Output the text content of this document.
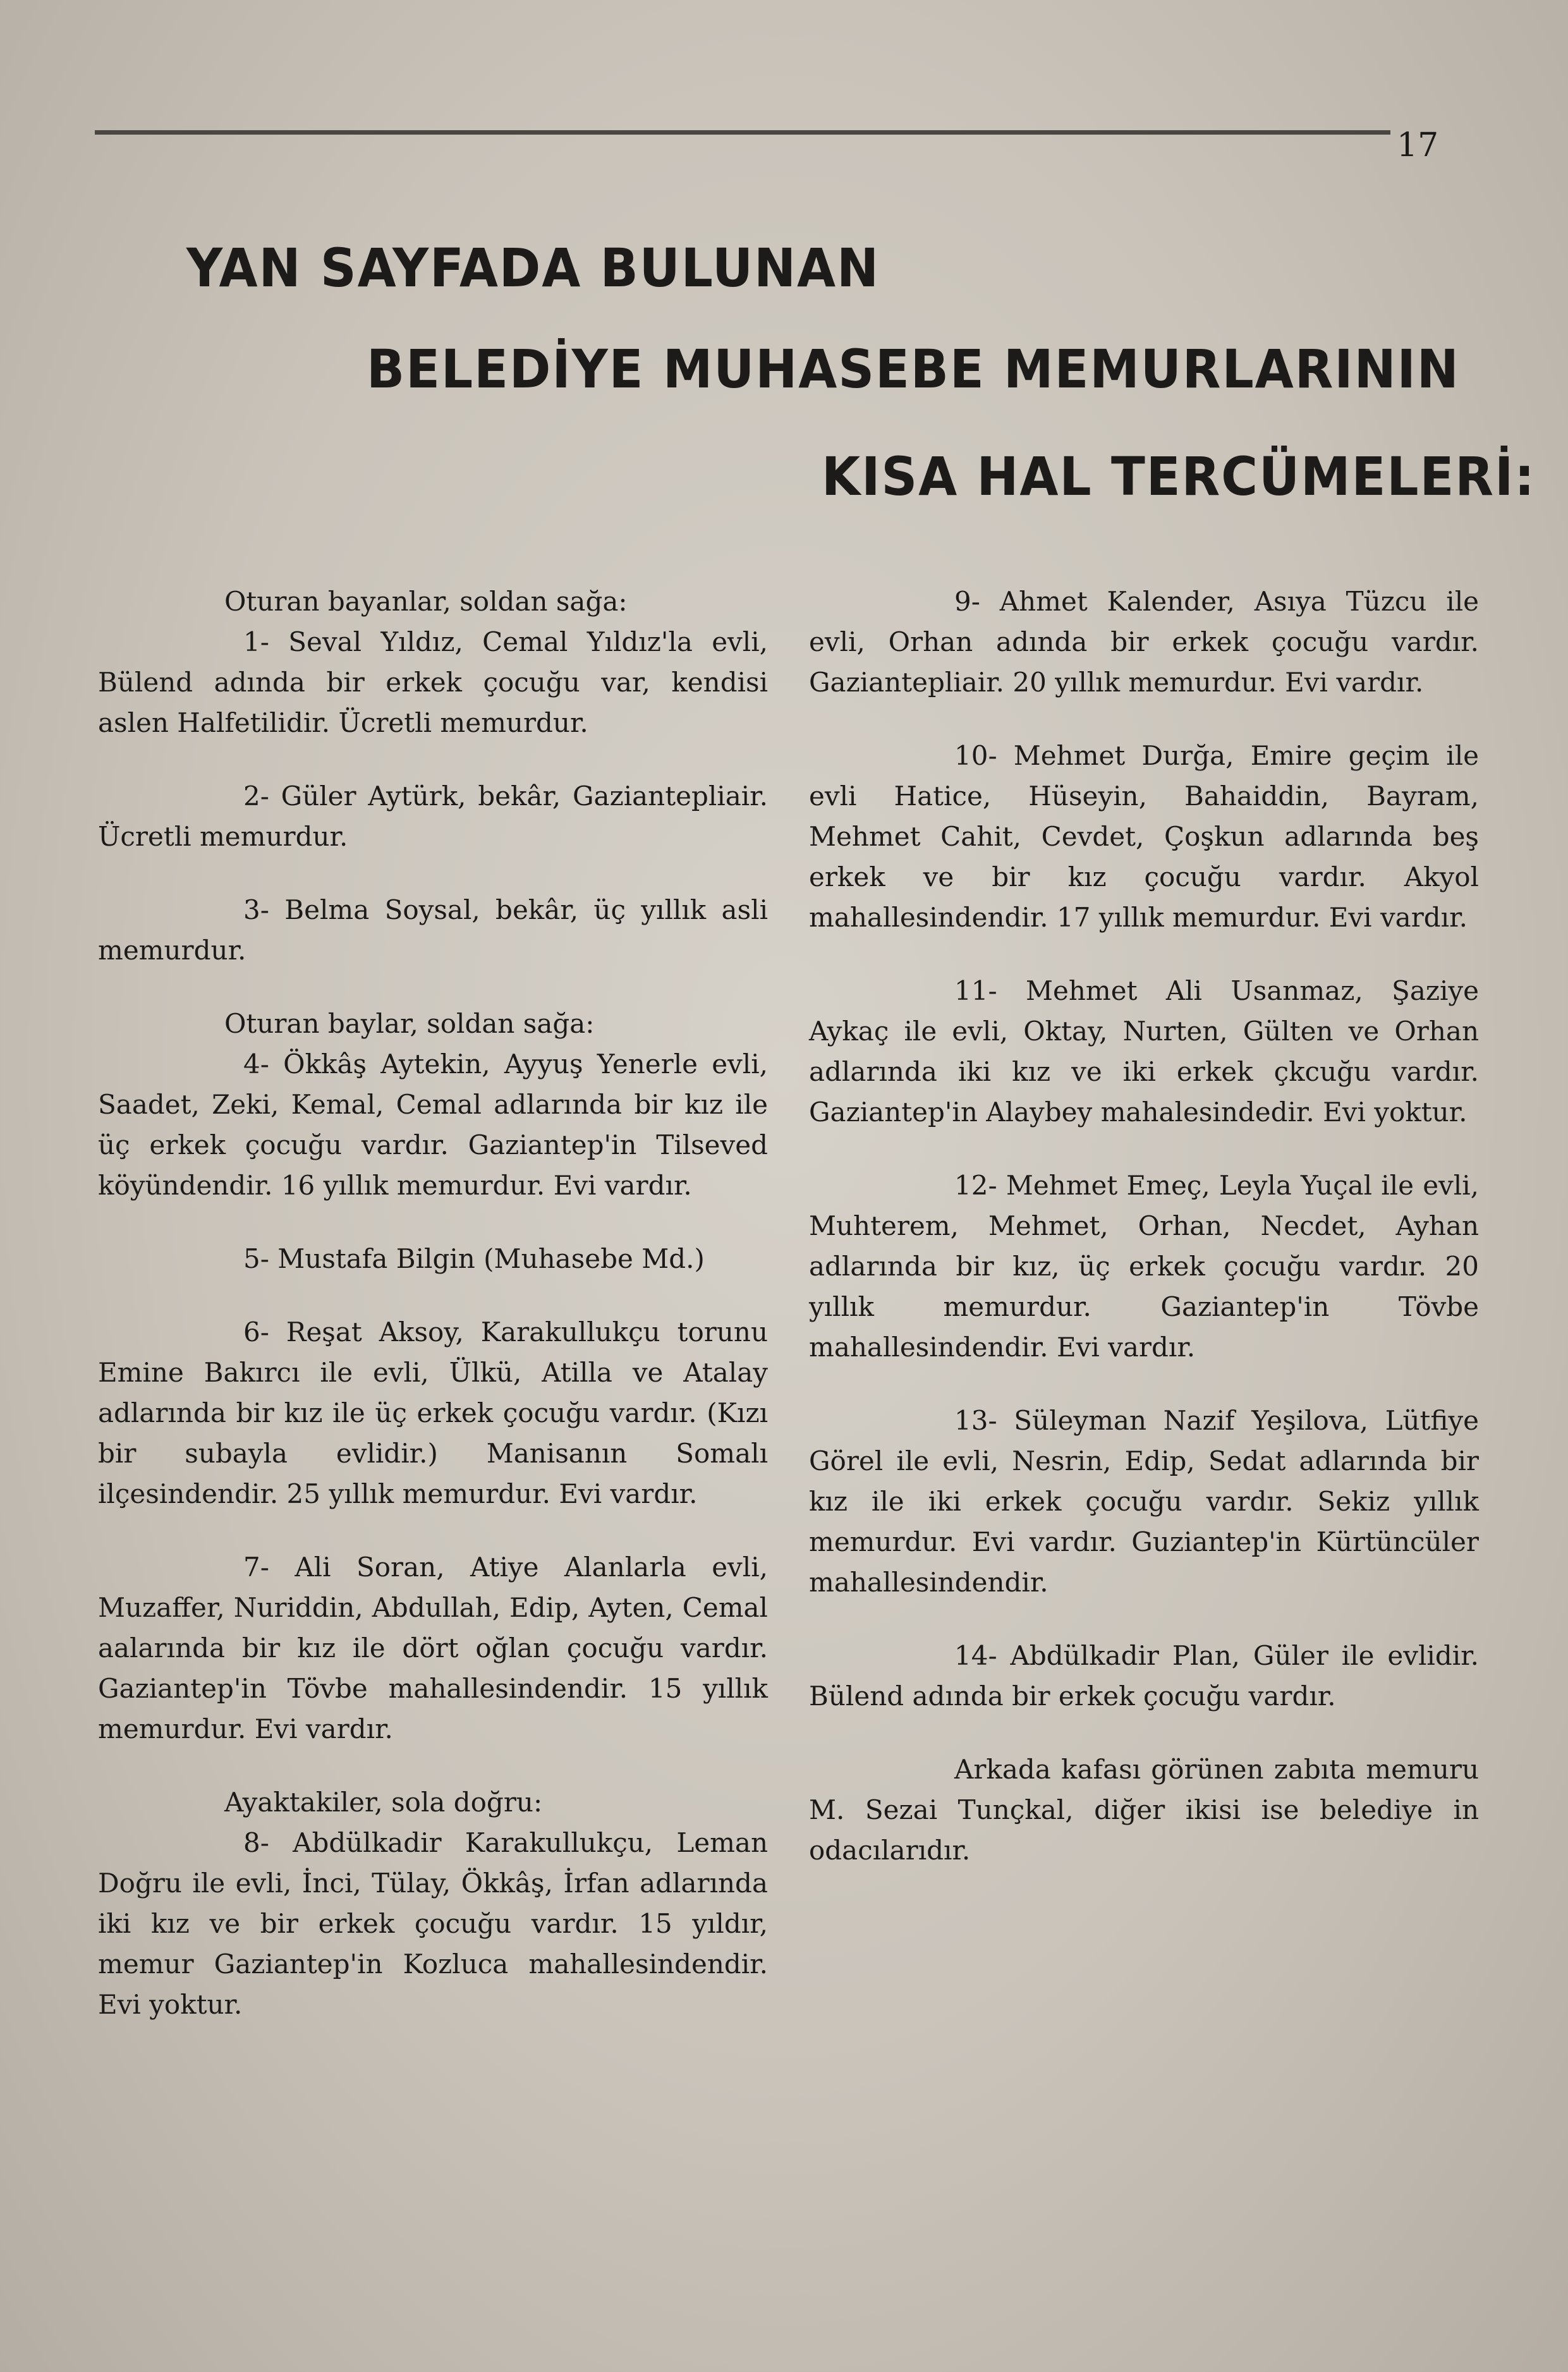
17
YAN SAYFADA BULUNAN
BELEDİYE MUHASEBE MEMURLARININ
KISA HAL TERCÜMELERİ:

Oturan bayanlar, soldan sağa:

1- Seval Yıldız, Cemal Yıldız'la evli, Bülend adında bir erkek çocuğu var, kendisi aslen Halfetilidir. Ücretli memurdur.

2- Güler Aytürk, bekâr, Gaziantepliair. Ücretli memurdur.

3- Belma Soysal, bekâr, üç yıllık asli memurdur.

Oturan baylar, soldan sağa:

4- Ökkâş Aytekin, Ayyuş Yenerle evli, Saadet, Zeki, Kemal, Cemal adlarında bir kız ile üç erkek çocuğu vardır. Gaziantep'in Tilseved köyündendir. 16 yıllık memurdur. Evi vardır.

5- Mustafa Bilgin (Muhasebe Md.)

6- Reşat Aksoy, Karakullukçu torunu Emine Bakırcı ile evli, Ülkü, Atilla ve Atalay adlarında bir kız ile üç erkek çocuğu vardır. (Kızı bir subayla evlidir.) Manisanın Somalı ilçesindendir. 25 yıllık memurdur. Evi vardır.

7- Ali Soran, Atiye Alanlarla evli, Muzaffer, Nuriddin, Abdullah, Edip, Ayten, Cemal aalarında bir kız ile dört oğlan çocuğu vardır. Gaziantep'in Tövbe mahallesindendir. 15 yıllık memurdur. Evi vardır.

Ayaktakiler, sola doğru:

8- Abdülkadir Karakullukçu, Leman Doğru ile evli, İnci, Tülay, Ökkâş, İrfan adlarında iki kız ve bir erkek çocuğu vardır. 15 yıldır, memur Gaziantep'in Kozluca mahallesindendir. Evi yoktur.

9- Ahmet Kalender, Asıya Tüzcu ile evli, Orhan adında bir erkek çocuğu vardır. Gaziantepliair. 20 yıllık memurdur. Evi vardır.

10- Mehmet Durğa, Emire geçim ile evli Hatice, Hüseyin, Bahaiddin, Bayram, Mehmet Cahit, Cevdet, Çoşkun adlarında beş erkek ve bir kız çocuğu vardır. Akyol mahallesindendir. 17 yıllık memurdur. Evi vardır.

11- Mehmet Ali Usanmaz, Şaziye Aykaç ile evli, Oktay, Nurten, Gülten ve Orhan adlarında iki kız ve iki erkek çkcuğu vardır. Gaziantep'in Alaybey mahalesindedir. Evi yoktur.

12- Mehmet Emeç, Leyla Yuçal ile evli, Muhterem, Mehmet, Orhan, Necdet, Ayhan adlarında bir kız, üç erkek çocuğu vardır. 20 yıllık memurdur. Gaziantep'in Tövbe mahallesindendir. Evi vardır.

13- Süleyman Nazif Yeşilova, Lütfiye Görel ile evli, Nesrin, Edip, Sedat adlarında bir kız ile iki erkek çocuğu vardır. Sekiz yıllık memurdur. Evi vardır. Guziantep'in Kürtüncüler mahallesindendir.

14- Abdülkadir Plan, Güler ile evlidir. Bülend adında bir erkek çocuğu vardır.

Arkada kafası görünen zabıta memuru M. Sezai Tunçkal, diğer ikisi ise belediye in odacılarıdır.
